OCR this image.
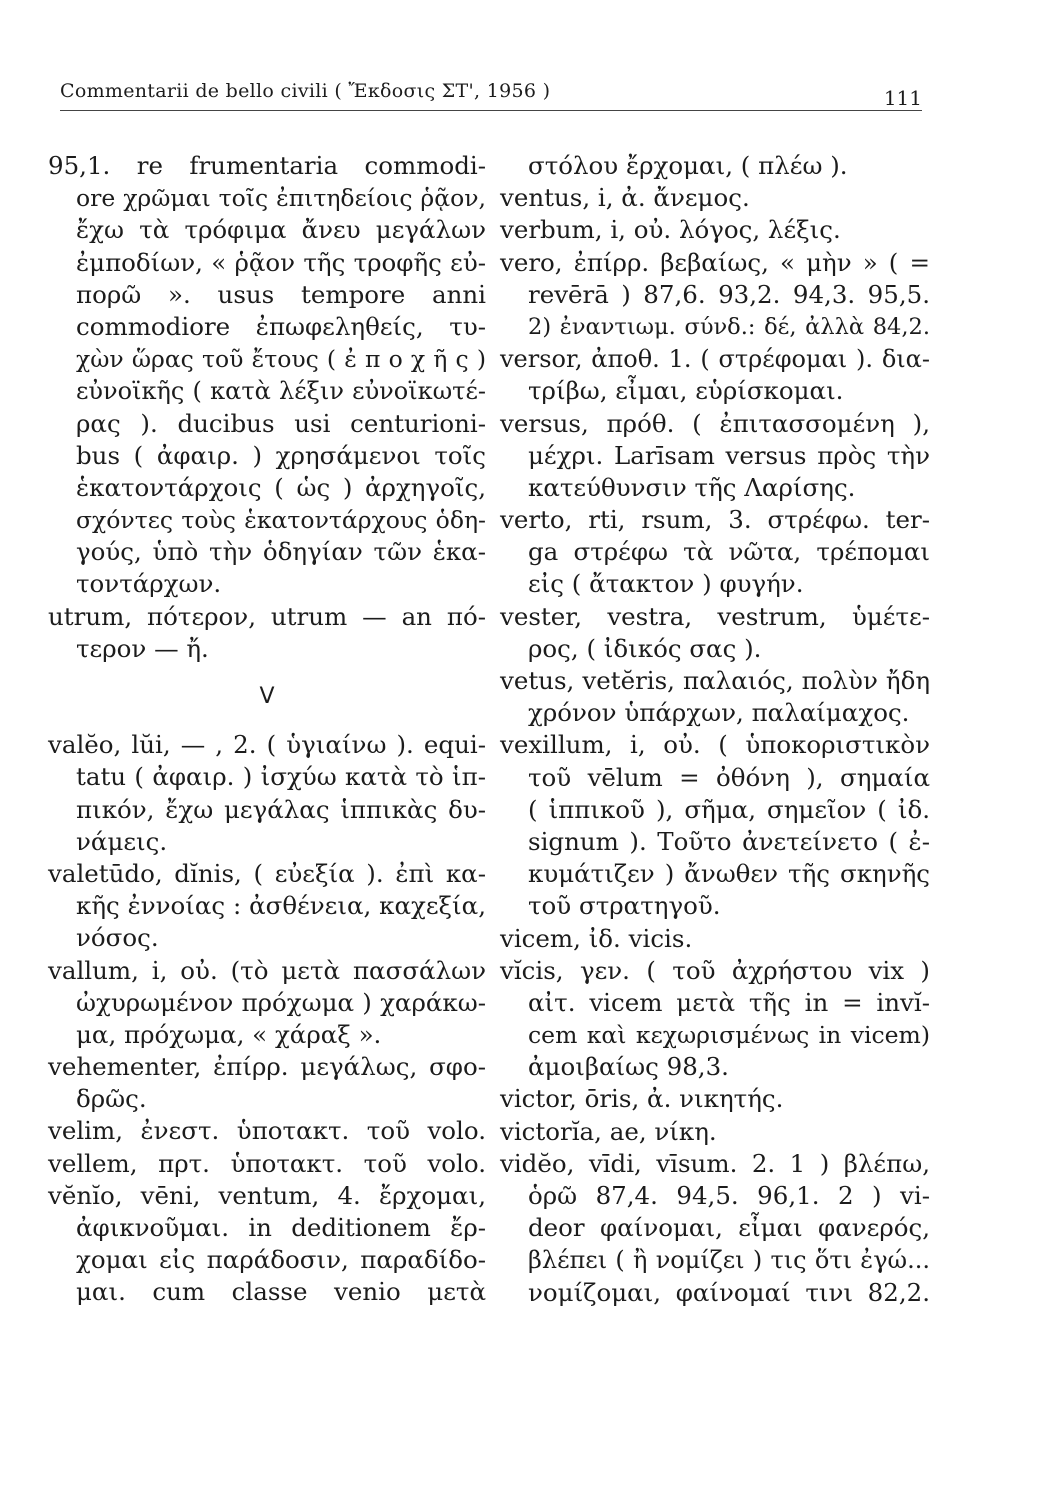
Commentarii de bello civili ( Ἔκδοσις ΣΤ', 1956 )	111
95,1. re frumentaria commodi-
ore χρῶμαι τοῖς ἐπιτηδείοις ῥᾷον,
ἔχω τὰ τρόφιμα ἄνευ μεγάλων
ἐμποδίων, « ῥᾷον τῆς τροφῆς εὐ-
πορῶ ». usus tempore anni
commodiore ἐπωφεληθείς, τυ-
χὼν ὥρας τοῦ ἔτους ( ἐ π ο χ ῆ ς )
εὐνοϊκῆς ( κατὰ λέξιν εὐνοϊκωτέ-
ρας ). ducibus usi centurioni-
bus ( ἀφαιρ. ) χρησάμενοι τοῖς
ἑκατοντάρχοις ( ὡς ) ἀρχηγοῖς,
σχόντες τοὺς ἑκατοντάρχους ὁδη-
γούς, ὑπὸ τὴν ὁδηγίαν τῶν ἑκα-
τοντάρχων.
utrum, πότερον, utrum — an πό-
τερον — ἤ.
V
valĕo, lŭi, — , 2. ( ὑγιαίνω ). equi-
tatu ( ἀφαιρ. ) ἰσχύω κατὰ τὸ ἱπ-
πικόν, ἔχω μεγάλας ἱππικὰς δυ-
νάμεις.
valetūdo, dĭnis, ( εὐεξία ). ἐπὶ κα-
κῆς ἐννοίας : ἀσθένεια, καχεξία,
νόσος.
vallum, i, οὐ. (τὸ μετὰ πασσάλων
ὠχυρωμένον πρόχωμα ) χαράκω-
μα, πρόχωμα, « χάραξ ».
vehementer, ἐπίρρ. μεγάλως, σφο-
δρῶς.
velim, ἐνεστ. ὑποτακτ. τοῦ volo.
vellem, πρτ. ὑποτακτ. τοῦ volo.
vĕnĭo, vēni, ventum, 4. ἔρχομαι,
ἀφικνοῦμαι. in deditionem ἔρ-
χομαι εἰς παράδοσιν, παραδίδο-
μαι. cum classe venio μετὰ
στόλου ἔρχομαι, ( πλέω ).
ventus, i, ἀ. ἄνεμος.
verbum, i, οὐ. λόγος, λέξις.
vero, ἐπίρρ. βεβαίως, « μὴν » ( =
revērā ) 87,6. 93,2. 94,3. 95,5.
2) ἐναντιωμ. σύνδ.: δέ, ἀλλὰ 84,2.
versor, ἀποθ. 1. ( στρέφομαι ). δια-
τρίβω, εἶμαι, εὑρίσκομαι.
versus, πρόθ. ( ἐπιτασσομένη ),
μέχρι. Larīsam versus πρὸς τὴν
κατεύθυνσιν τῆς Λαρίσης.
verto, rti, rsum, 3. στρέφω. ter-
ga στρέφω τὰ νῶτα, τρέπομαι
εἰς ( ἄτακτον ) φυγήν.
vester, vestra, vestrum, ὑμέτε-
ρος, ( ἰδικός σας ).
vetus, vetĕris, παλαιός, πολὺν ἤδη
χρόνον ὑπάρχων, παλαίμαχος.
vexillum, i, οὐ. ( ὑποκοριστικὸν
τοῦ vēlum = ὀθόνη ), σημαία
( ἱππικοῦ ), σῆμα, σημεῖον ( ἰδ.
signum ). Τοῦτο ἀνετείνετο ( ἐ-
κυμάτιζεν ) ἄνωθεν τῆς σκηνῆς
τοῦ στρατηγοῦ.
vicem, ἰδ. vicis.
vĭcis, γεν. ( τοῦ ἀχρήστου vix )
αἰτ. vicem μετὰ τῆς in = invĭ-
cem καὶ κεχωρισμένως in vicem)
ἀμοιβαίως 98,3.
victor, ōris, ἀ. νικητής.
victorĭa, ae, νίκη.
vidĕo, vīdi, vīsum. 2. 1 ) βλέπω,
ὁρῶ 87,4. 94,5. 96,1. 2 ) vi-
deor φαίνομαι, εἶμαι φανερός,
βλέπει ( ἢ νομίζει ) τις ὅτι ἐγώ...
νομίζομαι, φαίνομαί τινι 82,2.
